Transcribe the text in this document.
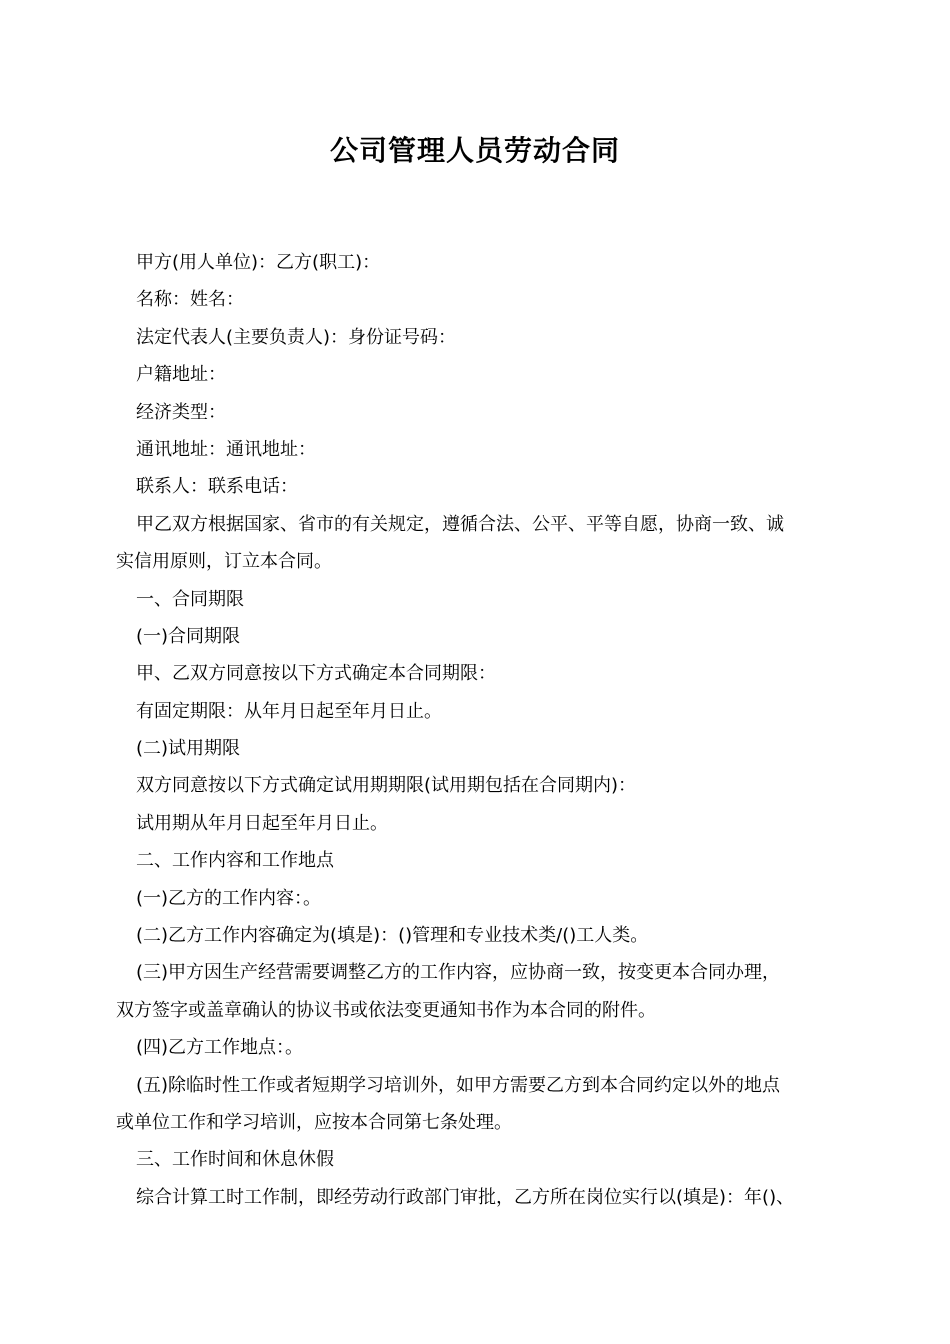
公司管理人员劳动合同
甲方(用人单位)：乙方(职工)：
名称：姓名：
法定代表人(主要负责人)：身份证号码：
户籍地址：
经济类型：
通讯地址：通讯地址：
联系人：联系电话：
甲乙双方根据国家、省市的有关规定，遵循合法、公平、平等自愿，协商一致、诚
实信用原则，订立本合同。
一、合同期限
(一)合同期限
甲、乙双方同意按以下方式确定本合同期限：
有固定期限：从年月日起至年月日止。
(二)试用期限
双方同意按以下方式确定试用期期限(试用期包括在合同期内)：
试用期从年月日起至年月日止。
二、工作内容和工作地点
(一)乙方的工作内容：。
(二)乙方工作内容确定为(填是)：()管理和专业技术类/()工人类。
(三)甲方因生产经营需要调整乙方的工作内容，应协商一致，按变更本合同办理，
双方签字或盖章确认的协议书或依法变更通知书作为本合同的附件。
(四)乙方工作地点：。
(五)除临时性工作或者短期学习培训外，如甲方需要乙方到本合同约定以外的地点
或单位工作和学习培训，应按本合同第七条处理。
三、工作时间和休息休假
综合计算工时工作制，即经劳动行政部门审批，乙方所在岗位实行以(填是)：年()、
